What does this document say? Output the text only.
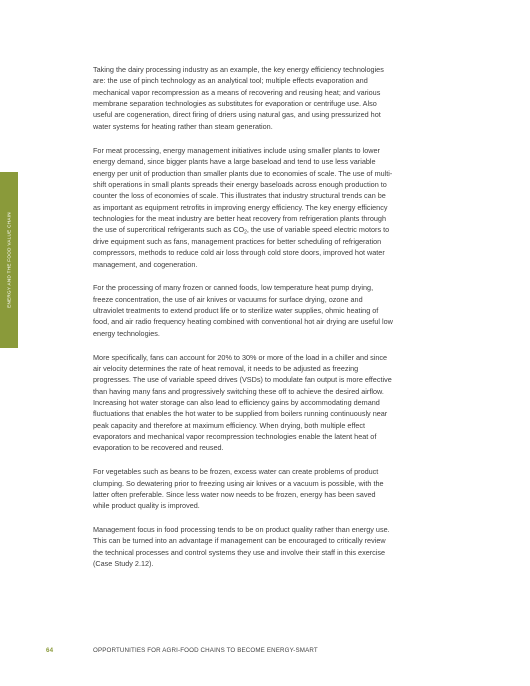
ENERGY AND THE FOOD VALUE CHAIN

Taking the dairy processing industry as an example, the key energy efficiency technologies are: the use of pinch technology as an analytical tool; multiple effects evaporation and mechanical vapor recompression as a means of recovering and reusing heat; and various membrane separation technologies as substitutes for evaporation or centrifuge use. Also useful are cogeneration, direct firing of driers using natural gas, and using pressurized hot water systems for heating rather than steam generation.

For meat processing, energy management initiatives include using smaller plants to lower energy demand, since bigger plants have a large baseload and tend to use less variable energy per unit of production than smaller plants due to economies of scale. The use of multi-shift operations in small plants spreads their energy baseloads across enough production to counter the loss of economies of scale. This illustrates that industry structural trends can be as important as equipment retrofits in improving energy efficiency. The key energy efficiency technologies for the meat industry are better heat recovery from refrigeration plants through the use of supercritical refrigerants such as $CO_2$, the use of variable speed electric motors to drive equipment such as fans, management practices for better scheduling of refrigeration compressors, methods to reduce cold air loss through cold store doors, improved hot water management, and cogeneration.

For the processing of many frozen or canned foods, low temperature heat pump drying, freeze concentration, the use of air knives or vacuums for surface drying, ozone and ultraviolet treatments to extend product life or to sterilize water supplies, ohmic heating of food, and air radio frequency heating combined with conventional hot air drying are useful low energy technologies.

More specifically, fans can account for 20% to 30% or more of the load in a chiller and since air velocity determines the rate of heat removal, it needs to be adjusted as freezing progresses. The use of variable speed drives (VSDs) to modulate fan output is more effective than having many fans and progressively switching these off to achieve the desired airflow. Increasing hot water storage can also lead to efficiency gains by accommodating demand fluctuations that enables the hot water to be supplied from boilers running continuously near peak capacity and therefore at maximum efficiency. When drying, both multiple effect evaporators and mechanical vapor recompression technologies enable the latent heat of evaporation to be recovered and reused.

For vegetables such as beans to be frozen, excess water can create problems of product clumping. So dewatering prior to freezing using air knives or a vacuum is possible, with the latter often preferable. Since less water now needs to be frozen, energy has been saved while product quality is improved.

Management focus in food processing tends to be on product quality rather than energy use. This can be turned into an advantage if management can be encouraged to critically review the technical processes and control systems they use and involve their staff in this exercise (Case Study 2.12).

64	OPPORTUNITIES FOR AGRI-FOOD CHAINS TO BECOME ENERGY-SMART
